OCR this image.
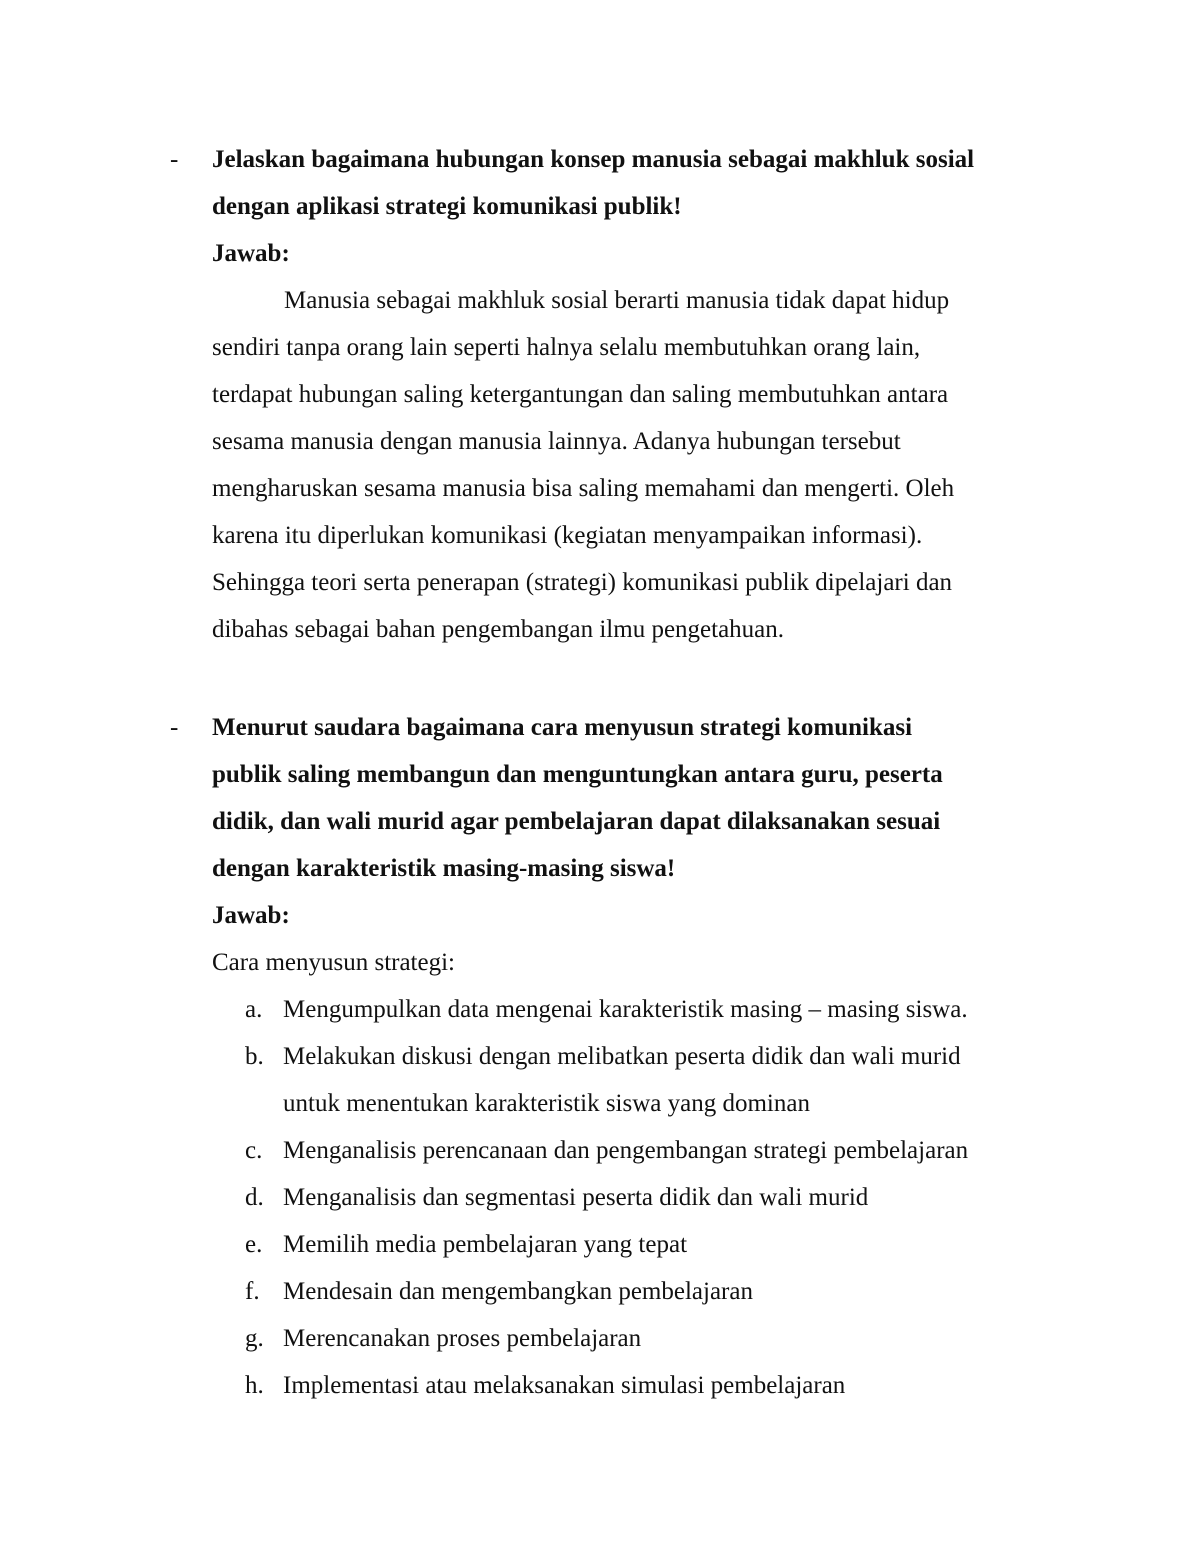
- Jelaskan bagaimana hubungan konsep manusia sebagai makhluk sosial
dengan aplikasi strategi komunikasi publik!
Jawab:
Manusia sebagai makhluk sosial berarti manusia tidak dapat hidup
sendiri tanpa orang lain seperti halnya selalu membutuhkan orang lain,
terdapat hubungan saling ketergantungan dan saling membutuhkan antara
sesama manusia dengan manusia lainnya. Adanya hubungan tersebut
mengharuskan sesama manusia bisa saling memahami dan mengerti. Oleh
karena itu diperlukan komunikasi (kegiatan menyampaikan informasi).
Sehingga teori serta penerapan (strategi) komunikasi publik dipelajari dan
dibahas sebagai bahan pengembangan ilmu pengetahuan.
- Menurut saudara bagaimana cara menyusun strategi komunikasi
publik saling membangun dan menguntungkan antara guru, peserta
didik, dan wali murid agar pembelajaran dapat dilaksanakan sesuai
dengan karakteristik masing-masing siswa!
Jawab:
Cara menyusun strategi:
a. Mengumpulkan data mengenai karakteristik masing – masing siswa.
b. Melakukan diskusi dengan melibatkan peserta didik dan wali murid
untuk menentukan karakteristik siswa yang dominan
c. Menganalisis perencanaan dan pengembangan strategi pembelajaran
d. Menganalisis dan segmentasi peserta didik dan wali murid
e. Memilih media pembelajaran yang tepat
f. Mendesain dan mengembangkan pembelajaran
g. Merencanakan proses pembelajaran
h. Implementasi atau melaksanakan simulasi pembelajaran
